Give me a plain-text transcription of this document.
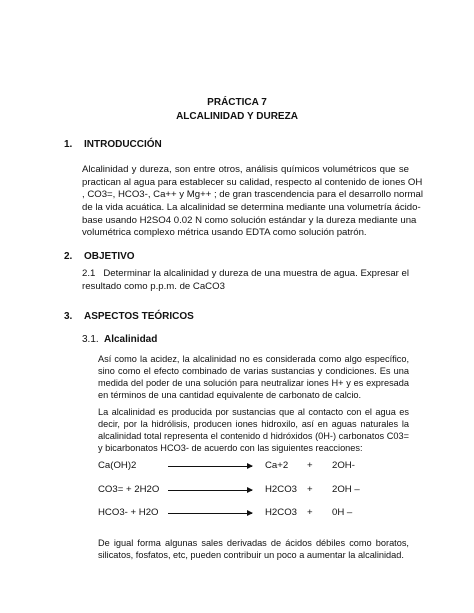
PRÁCTICA 7
ALCALINIDAD Y DUREZA
1. INTRODUCCIÓN
Alcalinidad y dureza, son entre otros, análisis químicos volumétricos que se
practican al agua para establecer su calidad, respecto al contenido de iones OH
, CO3=, HCO3-, Ca++ y Mg++ ; de gran trascendencia para el desarrollo normal
de la vida acuática. La alcalinidad se determina mediante una volumetría ácido-
base usando H2SO4 0.02 N como solución estándar y la dureza mediante una
volumétrica complexo métrica usando EDTA como solución patrón.
2. OBJETIVO
2.1 Determinar la alcalinidad y dureza de una muestra de agua. Expresar el
resultado como p.p.m. de CaCO3
3. ASPECTOS TEÓRICOS
3.1. Alcalinidad
Así como la acidez, la alcalinidad no es considerada como algo específico,
sino como el efecto combinado de varias sustancias y condiciones. Es una
medida del poder de una solución para neutralizar iones H+ y es expresada
en términos de una cantidad equivalente de carbonato de calcio.
La alcalinidad es producida por sustancias que al contacto con el agua es
decir, por la hidrólisis, producen iones hidroxilo, así en aguas naturales la
alcalinidad total representa el contenido d hidróxidos (0H-) carbonatos C03=
y bicarbonatos HCO3- de acuerdo con las siguientes reacciones:
Ca(OH)2	Ca+2 + 2OH-
CO3= + 2H2O	H2CO3 + 2OH –
HCO3- + H2O	H2CO3 + 0H –
De igual forma algunas sales derivadas de ácidos débiles como boratos,
silicatos, fosfatos, etc, pueden contribuir un poco a aumentar la alcalinidad.
